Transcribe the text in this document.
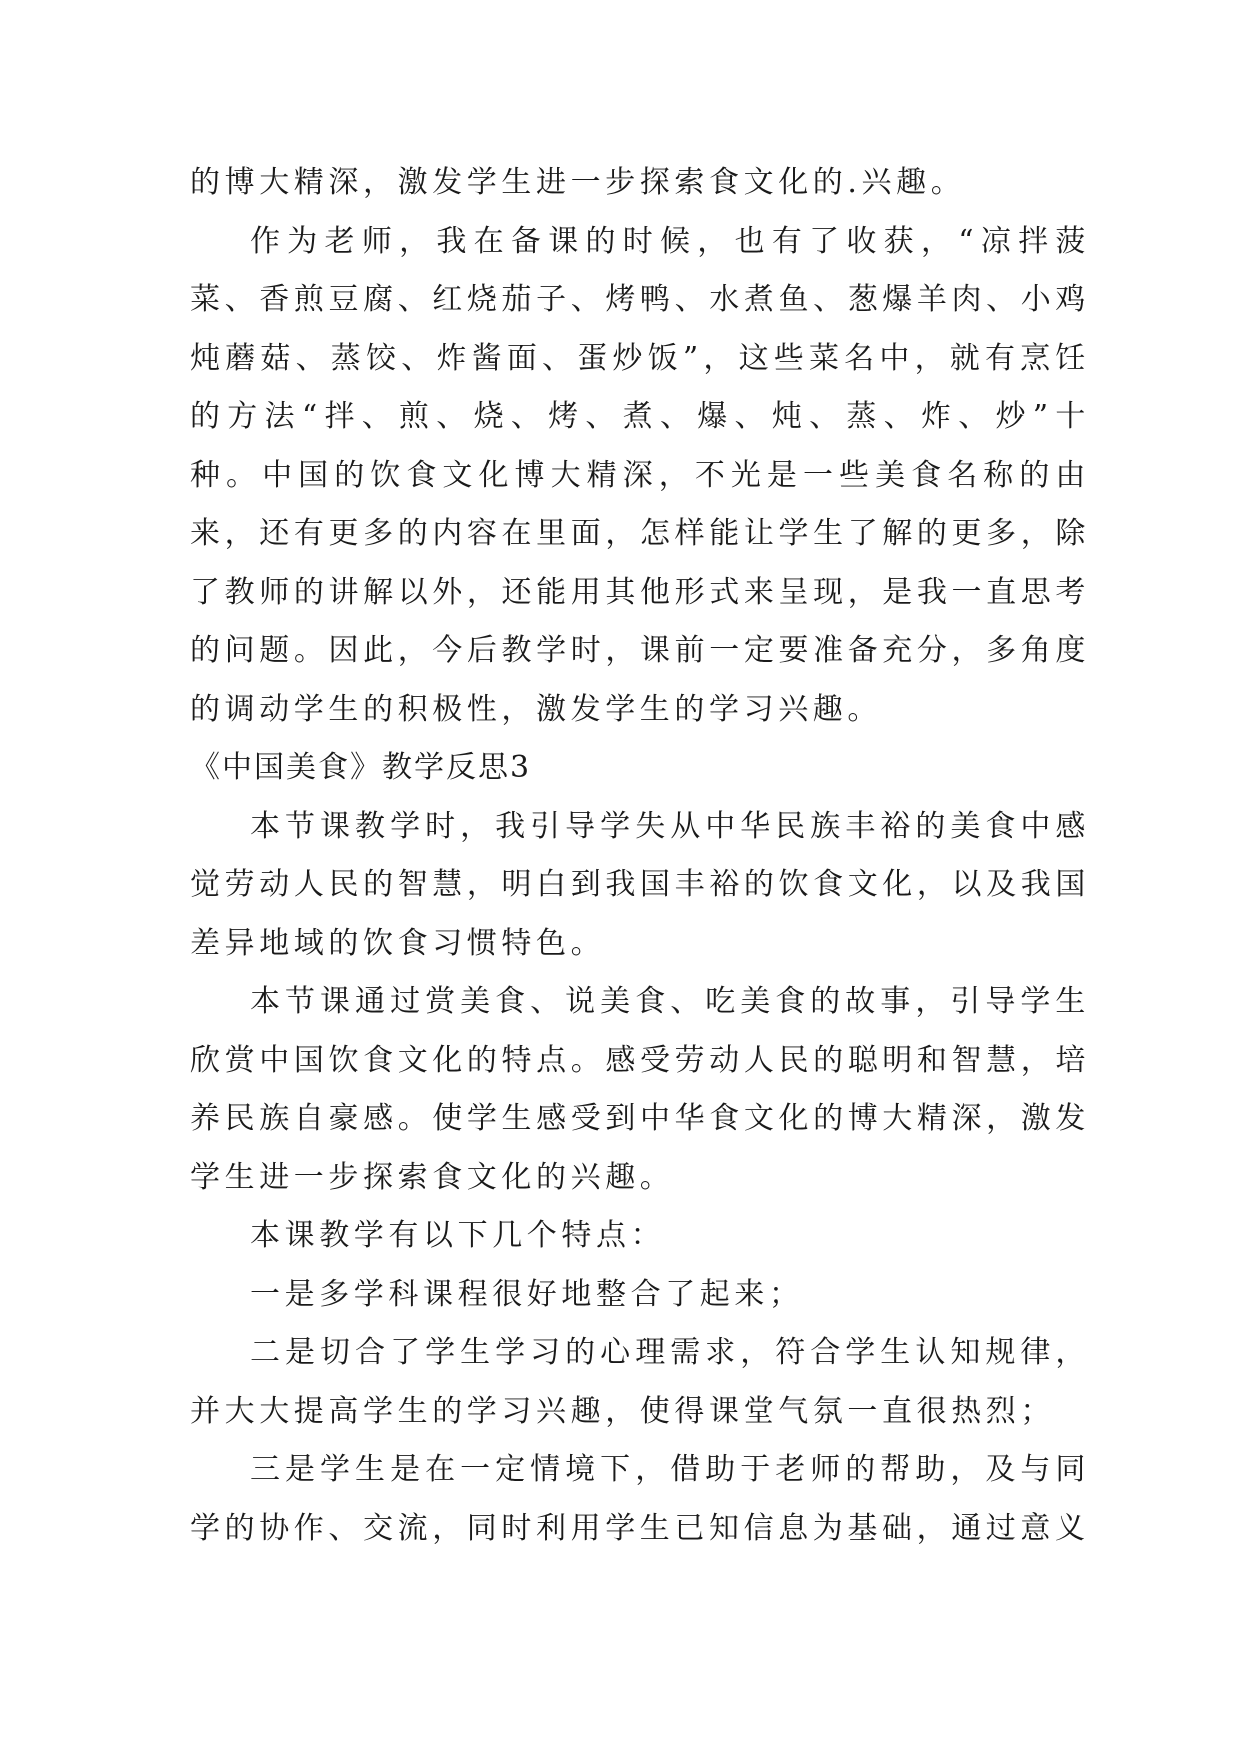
的博大精深，激发学生进一步探索食文化的.兴趣。

作为老师，我在备课的时候，也有了收获，“凉拌菠菜、香煎豆腐、红烧茄子、烤鸭、水煮鱼、葱爆羊肉、小鸡炖蘑菇、蒸饺、炸酱面、蛋炒饭”，这些菜名中，就有烹饪的方法“拌、煎、烧、烤、煮、爆、炖、蒸、炸、炒”十种。中国的饮食文化博大精深，不光是一些美食名称的由来，还有更多的内容在里面，怎样能让学生了解的更多，除了教师的讲解以外，还能用其他形式来呈现，是我一直思考的问题。因此，今后教学时，课前一定要准备充分，多角度的调动学生的积极性，激发学生的学习兴趣。

《中国美食》教学反思3

本节课教学时，我引导学失从中华民族丰裕的美食中感觉劳动人民的智慧，明白到我国丰裕的饮食文化，以及我国差异地域的饮食习惯特色。

本节课通过赏美食、说美食、吃美食的故事，引导学生欣赏中国饮食文化的特点。感受劳动人民的聪明和智慧，培养民族自豪感。使学生感受到中华食文化的博大精深，激发学生进一步探索食文化的兴趣。

本课教学有以下几个特点：

一是多学科课程很好地整合了起来；

二是切合了学生学习的心理需求，符合学生认知规律，并大大提高学生的学习兴趣，使得课堂气氛一直很热烈；

三是学生是在一定情境下，借助于老师的帮助，及与同学的协作、交流，同时利用学生已知信息为基础，通过意义
